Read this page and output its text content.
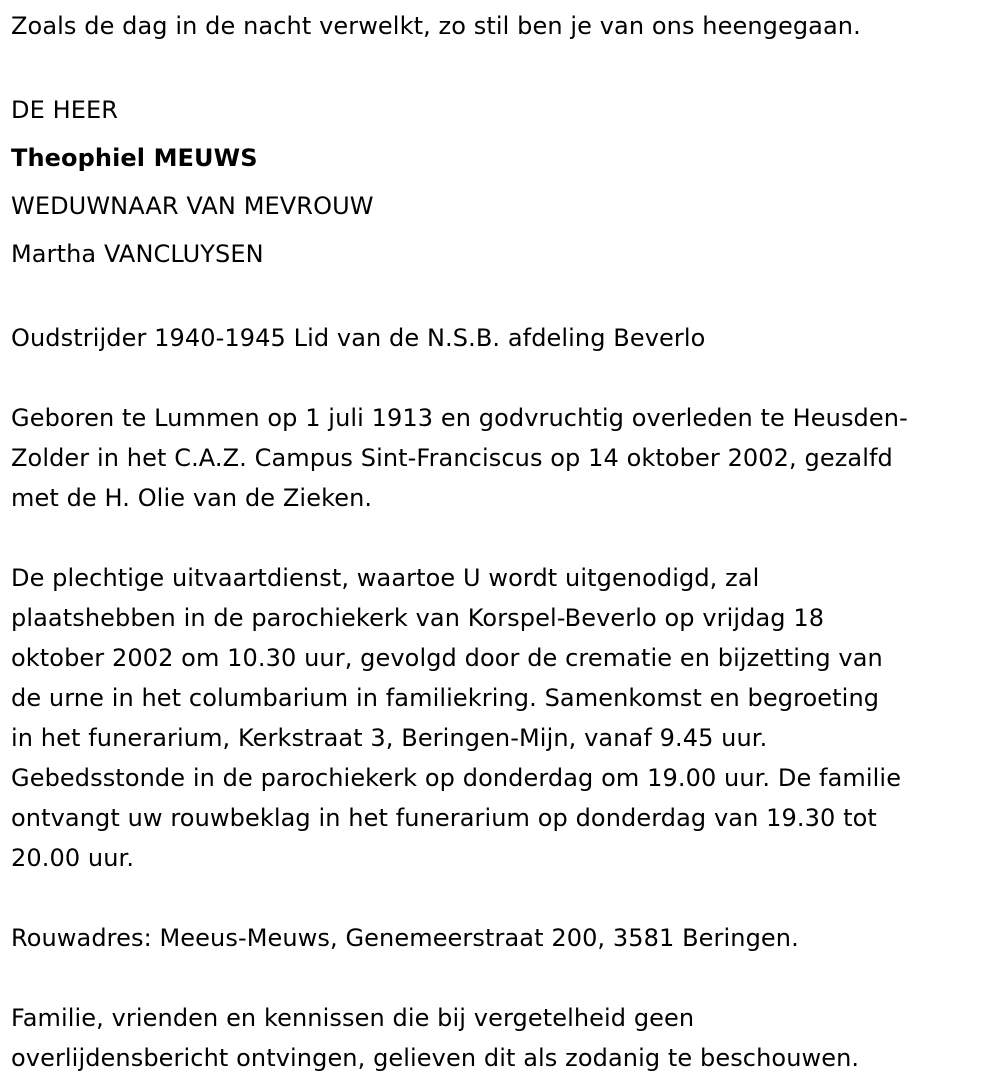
Zoals de dag in de nacht verwelkt, zo stil ben je van ons heengegaan.
DE HEER
Theophiel MEUWS
WEDUWNAAR VAN MEVROUW
Martha VANCLUYSEN
Oudstrijder 1940-1945 Lid van de N.S.B. afdeling Beverlo

Geboren te Lummen op 1 juli 1913 en godvruchtig overleden te Heusden-
Zolder in het C.A.Z. Campus Sint-Franciscus op 14 oktober 2002, gezalfd
met de H. Olie van de Zieken.

De plechtige uitvaartdienst, waartoe U wordt uitgenodigd, zal
plaatshebben in de parochiekerk van Korspel-Beverlo op vrijdag 18
oktober 2002 om 10.30 uur, gevolgd door de crematie en bijzetting van
de urne in het columbarium in familiekring. Samenkomst en begroeting
in het funerarium, Kerkstraat 3, Beringen-Mijn, vanaf 9.45 uur.
Gebedsstonde in de parochiekerk op donderdag om 19.00 uur. De familie
ontvangt uw rouwbeklag in het funerarium op donderdag van 19.30 tot
20.00 uur.

Rouwadres: Meeus-Meuws, Genemeerstraat 200, 3581 Beringen.

Familie, vrienden en kennissen die bij vergetelheid geen
overlijdensbericht ontvingen, gelieven dit als zodanig te beschouwen.
